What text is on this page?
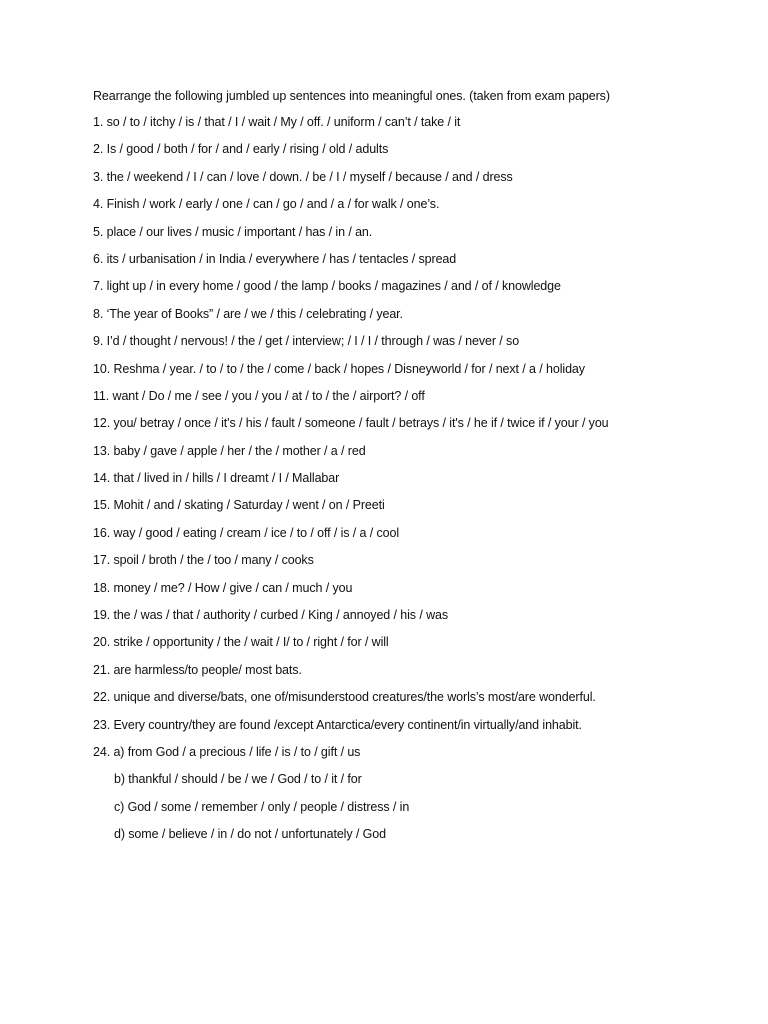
Rearrange the following jumbled up sentences into meaningful ones. (taken from exam papers)
1. so / to / itchy / is / that / I / wait / My / off. / uniform / can’t / take / it
2. Is / good / both / for / and / early / rising / old / adults
3. the / weekend / I / can / love / down. / be / I / myself / because / and / dress
4. Finish / work / early / one / can / go / and / a / for walk / one’s.
5. place / our lives / music / important / has / in / an.
6. its / urbanisation / in India / everywhere / has / tentacles / spread
7. light up / in every home / good / the lamp / books / magazines / and / of / knowledge
8. ‘The year of Books” / are / we / this / celebrating / year.
9. I’d / thought / nervous! / the / get / interview; / I / I / through / was / never / so
10. Reshma / year. / to / to / the / come / back / hopes / Disneyworld / for / next / a / holiday
11. want / Do / me / see / you / you / at / to / the / airport? / off
12. you/ betray / once / it's / his / fault / someone / fault / betrays / it's / he if / twice if / your / you
13. baby / gave / apple / her / the / mother / a / red
14. that / lived in / hills / I dreamt / I / Mallabar
15. Mohit / and / skating / Saturday / went / on / Preeti
16. way / good / eating / cream / ice / to / off / is / a / cool
17. spoil / broth / the / too / many / cooks
18. money / me? / How / give / can / much / you
19. the / was / that / authority / curbed / King / annoyed / his / was
20. strike / opportunity / the / wait / I/ to / right / for / will
21. are harmless/to people/ most bats.
22. unique and diverse/bats, one of/misunderstood creatures/the worls’s most/are wonderful.
23. Every country/they are found /except Antarctica/every continent/in virtually/and inhabit.
24. a) from God / a precious / life / is / to / gift / us
b) thankful / should / be / we / God / to / it / for
c) God / some / remember / only / people / distress / in
d) some / believe / in / do not / unfortunately / God
